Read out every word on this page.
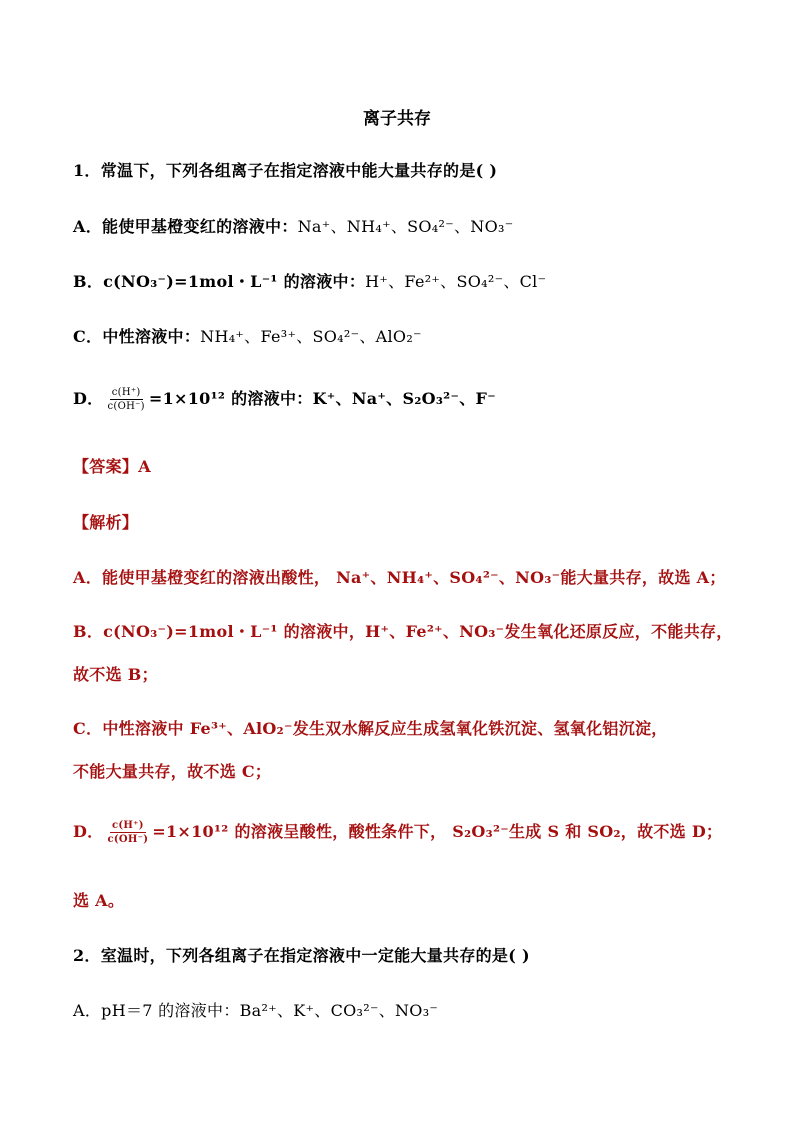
离子共存
1．常温下，下列各组离子在指定溶液中能大量共存的是( )
A．能使甲基橙变红的溶液中：Na⁺、NH₄⁺、SO₄²⁻、NO₃⁻
B．c(NO₃⁻)=1mol・L⁻¹ 的溶液中：H⁺、Fe²⁺、SO₄²⁻、Cl⁻
C．中性溶液中：NH₄⁺、Fe³⁺、SO₄²⁻、AlO₂⁻
D． $\frac{c(H^+)}{c(OH^-)} =1\times 10^{12}$ 的溶液中：K⁺、Na⁺、S₂O₃²⁻、F⁻
【答案】A
【解析】
A．能使甲基橙变红的溶液出酸性， Na⁺、NH₄⁺、SO₄²⁻、NO₃⁻能大量共存，故选 A；
B．c(NO₃⁻)=1mol・L⁻¹ 的溶液中，H⁺、Fe²⁺、NO₃⁻发生氧化还原反应，不能共存，
故不选 B；
C．中性溶液中 Fe³⁺、AlO₂⁻发生双水解反应生成氢氧化铁沉淀、氢氧化铝沉淀，
不能大量共存，故不选 C；
D． $\frac{c(H^+)}{c(OH^-)} =1\times 10^{12}$ 的溶液呈酸性，酸性条件下， S₂O₃²⁻生成 S 和 SO₂，故不选 D；
选 A。
2．室温时，下列各组离子在指定溶液中一定能大量共存的是( )
A．pH＝7 的溶液中：Ba²⁺、K⁺、CO₃²⁻、NO₃⁻
